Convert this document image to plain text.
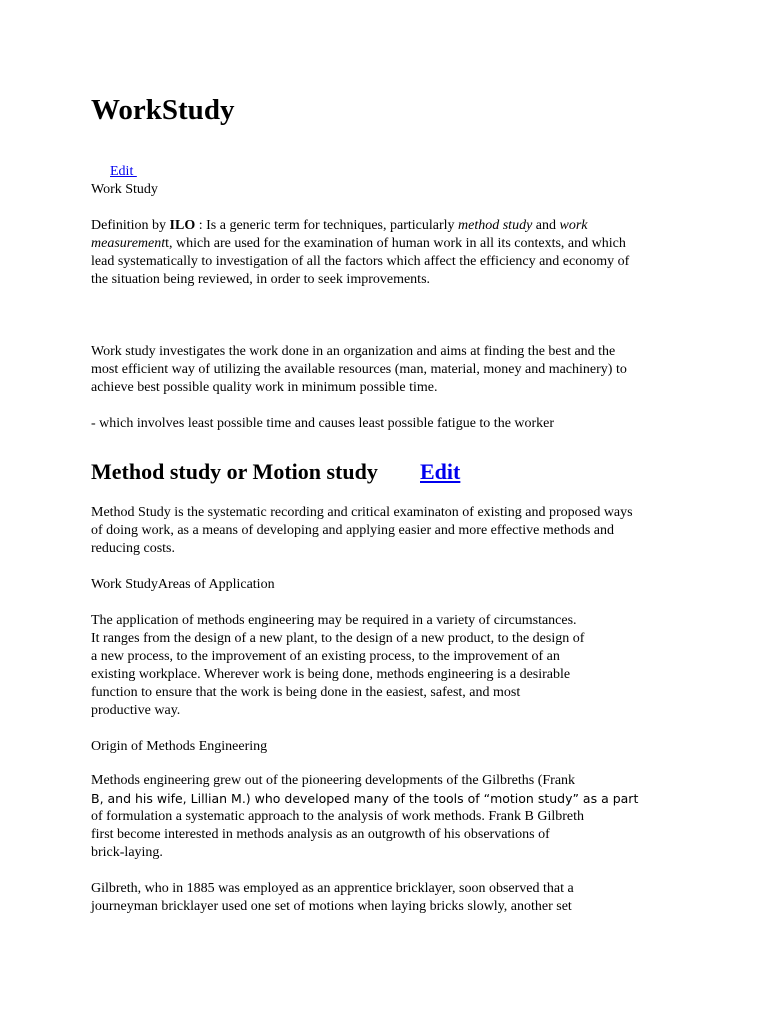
WorkStudy
Edit

Work Study

Definition by ILO : Is a generic term for techniques, particularly method study and work
measurementt, which are used for the examination of human work in all its contexts, and which
lead systematically to investigation of all the factors which affect the efficiency and economy of
the situation being reviewed, in order to seek improvements.

Work study investigates the work done in an organization and aims at finding the best and the
most efficient way of utilizing the available resources (man, material, money and machinery) to
achieve best possible quality work in minimum possible time.

- which involves least possible time and causes least possible fatigue to the worker

Method study or Motion study Edit

Method Study is the systematic recording and critical examinaton of existing and proposed ways
of doing work, as a means of developing and applying easier and more effective methods and
reducing costs.

Work StudyAreas of Application

The application of methods engineering may be required in a variety of circumstances.
It ranges from the design of a new plant, to the design of a new product, to the design of
a new process, to the improvement of an existing process, to the improvement of an
existing workplace. Wherever work is being done, methods engineering is a desirable
function to ensure that the work is being done in the easiest, safest, and most
productive way.

Origin of Methods Engineering

Methods engineering grew out of the pioneering developments of the Gilbreths (Frank
B, and his wife, Lillian M.) who developed many of the tools of “motion study” as a part
of formulation a systematic approach to the analysis of work methods. Frank B Gilbreth
first become interested in methods analysis as an outgrowth of his observations of
brick-laying.

Gilbreth, who in 1885 was employed as an apprentice bricklayer, soon observed that a
journeyman bricklayer used one set of motions when laying bricks slowly, another set
